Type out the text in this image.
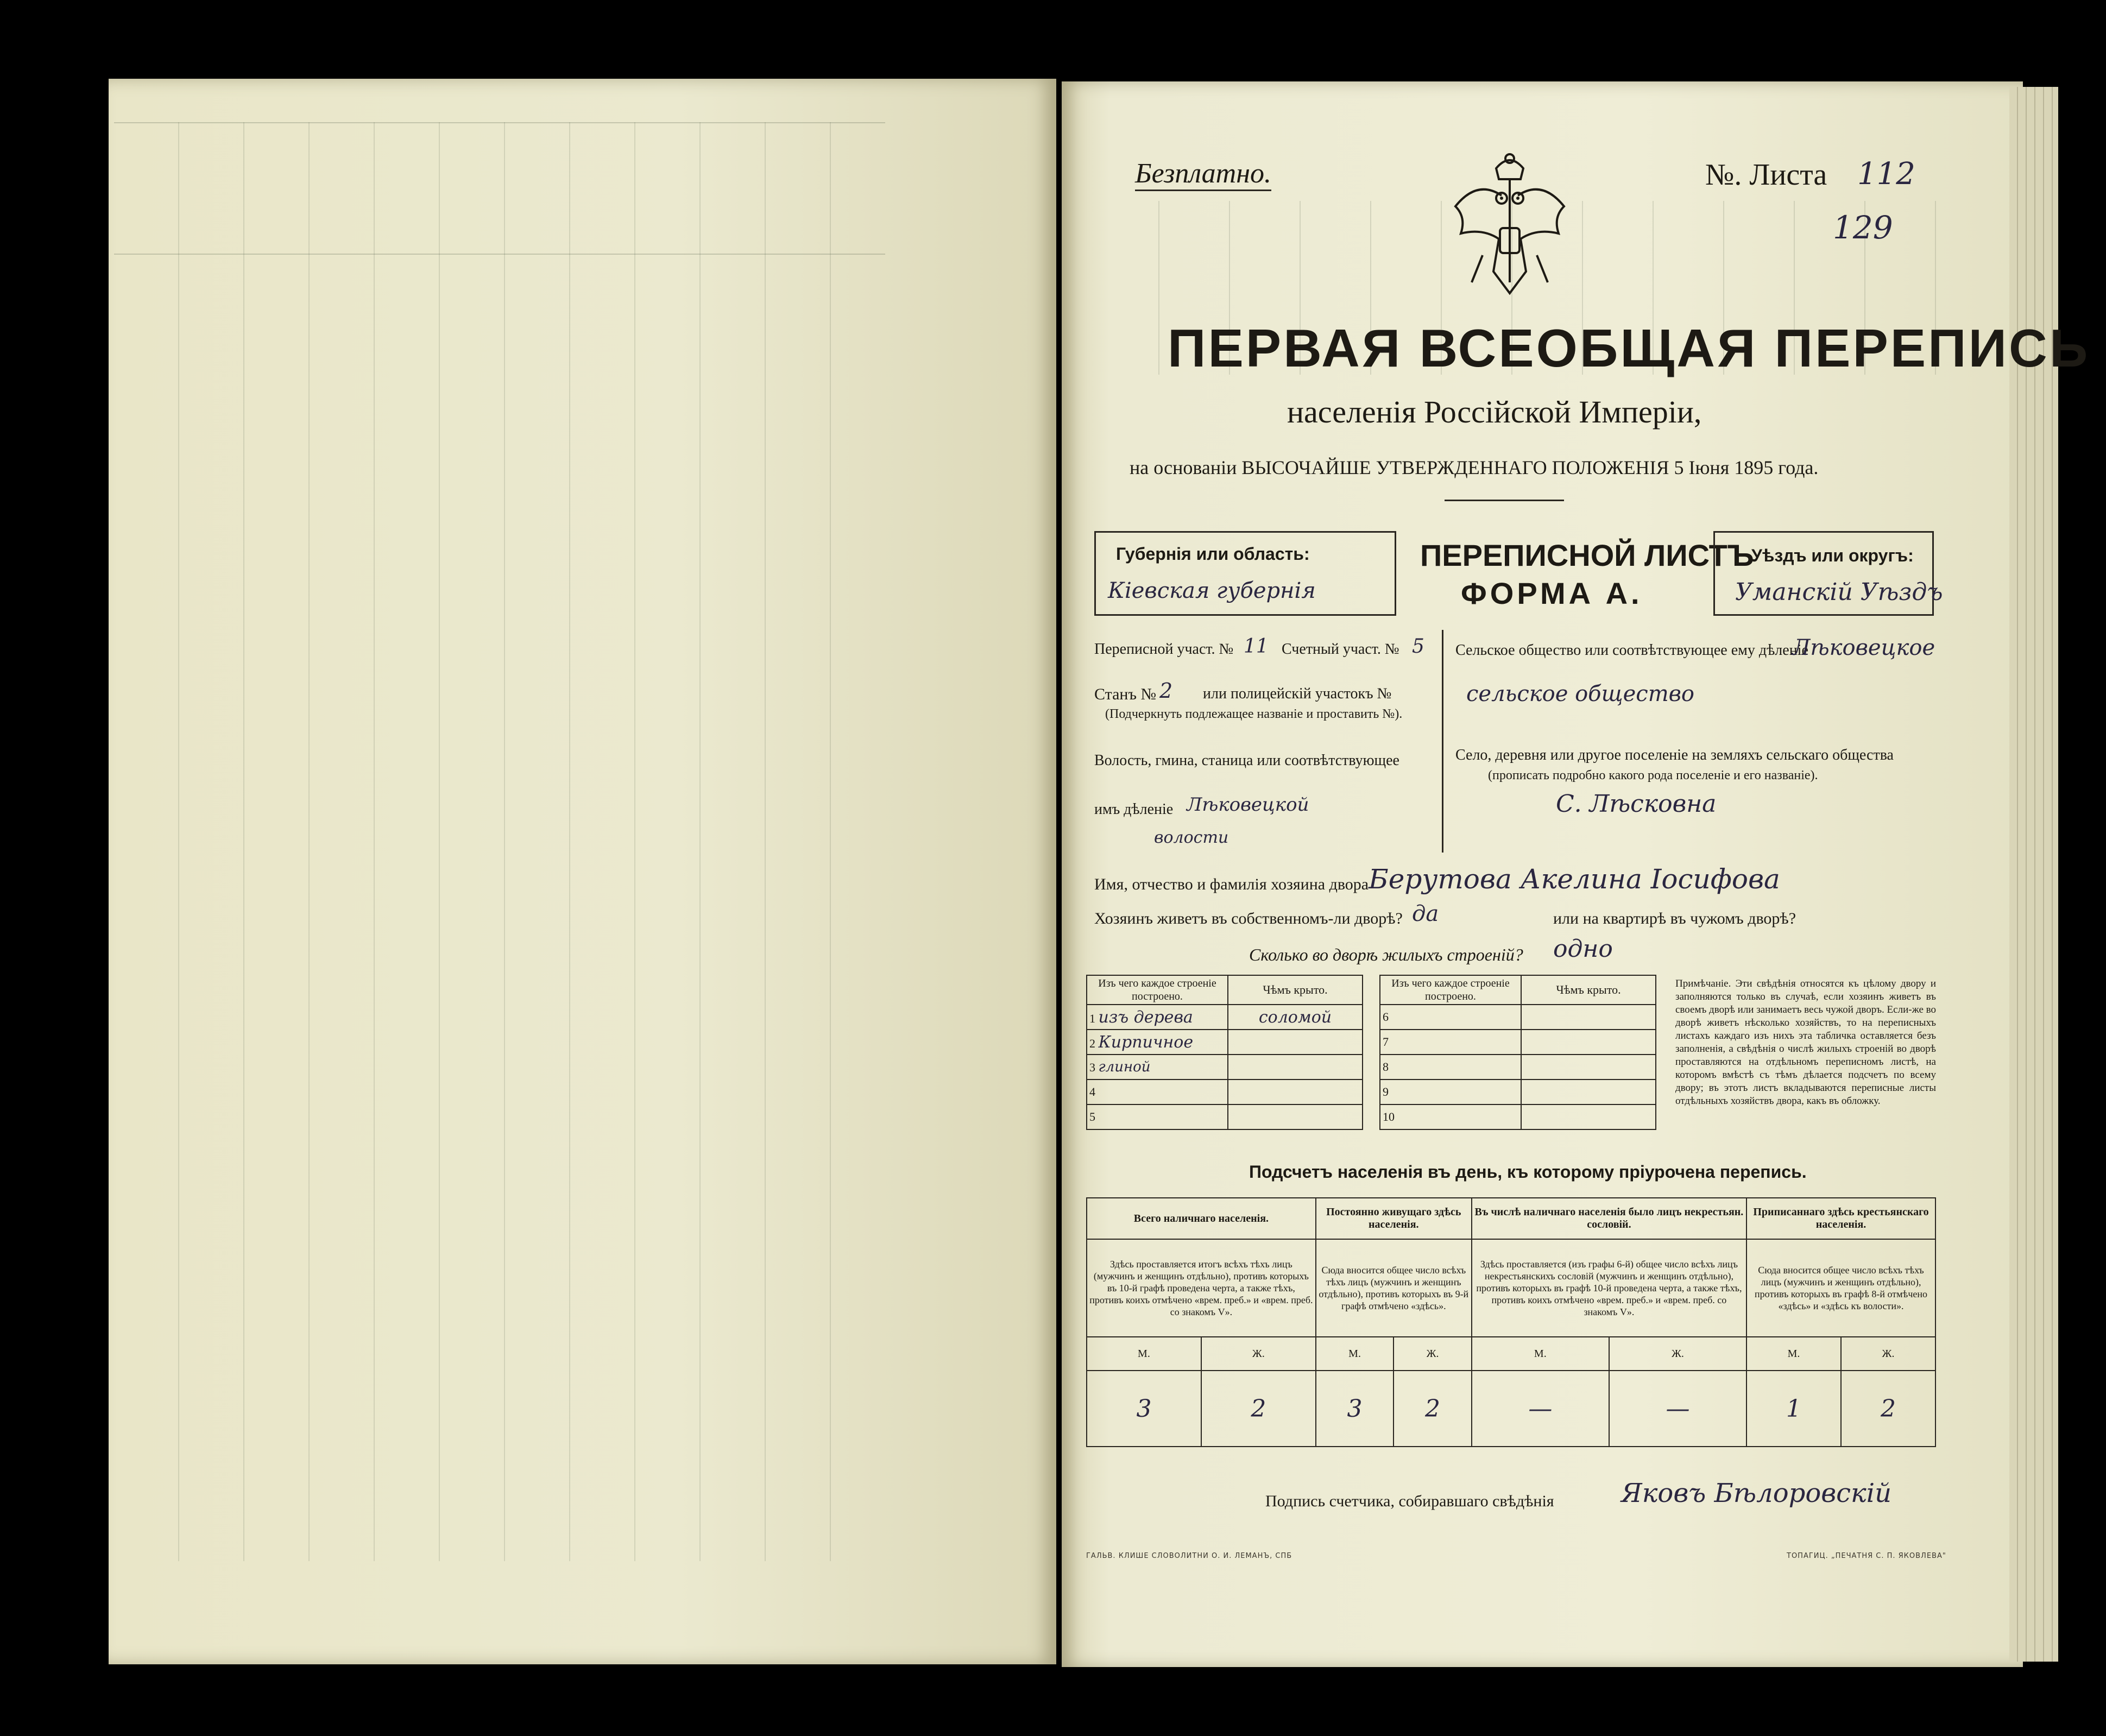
Безплатно.	№. Листа 112
129
ПЕРВАЯ ВСЕОБЩАЯ ПЕРЕПИСЬ
населенія Россійской Имперіи,
на основаніи ВЫСОЧАЙШЕ УТВЕРЖДЕННАГО ПОЛОЖЕНІЯ 5 Іюня 1895 года.
Губернія или область:
Кіевская губернія
ПЕРЕПИСНОЙ ЛИСТЪ
ФОРМА А.
Уѣздъ или округъ:
Уманскій Уѣздъ
Переписной участ. № 11 Счетный участ. № 5
Станъ № 2 или полицейскій участокъ №
(Подчеркнуть подлежащее названіе и проставить №).
Волость, гмина, станица или соотвѣтствующее
имъ дѣленіе Лѣковецкой
волости
Сельское общество или соотвѣтствующее ему дѣленіе
Лѣковецкое
сельское общество
Село, деревня или другое поселеніе на земляхъ сельскаго общества
(прописать подробно какого рода поселеніе и его названіе).
С. Лѣсковна
Имя, отчество и фамилія хозяина двора Берутова Акелина Іосифова
Хозяинъ живетъ въ собственномъ-ли дворѣ? да	или на квартирѣ въ чужомъ дворѣ?
Сколько во дворѣ жилыхъ строеній? одно
Изъ чего каждое строеніе построено.	Чѣмъ крыто.
1 изъ дерева	соломой
2 Кирпичное	
3 глиной	
4	
5	
Изъ чего каждое строеніе построено.	Чѣмъ крыто.
6	
7	
8	
9	
10	
Примѣчаніе. Эти свѣдѣнія относятся къ цѣлому двору и заполняются только въ случаѣ, если хозяинъ живетъ въ своемъ дворѣ или занимаетъ весь чужой дворъ. Если-же во дворѣ живетъ нѣсколько хозяйствъ, то на переписныхъ листахъ каждаго изъ нихъ эта табличка оставляется безъ заполненія, а свѣдѣнія о числѣ жилыхъ строеній во дворѣ проставляются на отдѣльномъ переписномъ листѣ, на которомъ вмѣстѣ съ тѣмъ дѣлается подсчетъ по всему двору; въ этотъ листъ вкладываются переписные листы отдѣльныхъ хозяйствъ двора, какъ въ обложку.
Подсчетъ населенія въ день, къ которому пріурочена перепись.
Всего наличнаго населенія.		Постоянно живущаго здѣсь населенія.		Въ числѣ наличнаго населенія было лицъ некрестьян. сословій.		Приписаннаго здѣсь крестьянскаго населенія.	
Здѣсь проставляется итогъ всѣхъ тѣхъ лицъ (мужчинъ и женщинъ отдѣльно), противъ которыхъ въ 10-й графѣ проведена черта, а также тѣхъ, противъ коихъ отмѣчено «врем. преб.» и «врем. преб. со знакомъ V».		Сюда вносится общее число всѣхъ тѣхъ лицъ (мужчинъ и женщинъ отдѣльно), противъ которыхъ въ 9-й графѣ отмѣчено «здѣсь».		Здѣсь проставляется (изъ графы 6-й) общее число всѣхъ лицъ некрестьянскихъ сословій (мужчинъ и женщинъ отдѣльно), противъ которыхъ въ графѣ 10-й проведена черта, а также тѣхъ, противъ коихъ отмѣчено «врем. преб.» и «врем. преб. со знакомъ V».		Сюда вносится общее число всѣхъ тѣхъ лицъ (мужчинъ и женщинъ отдѣльно), противъ которыхъ въ графѣ 8-й отмѣчено «здѣсь» и «здѣсь къ волости».	
М.	Ж.	М.	Ж.	М.	Ж.	М.	Ж.
3	2	3	2	—	—	1	2
Подпись счетчика, собиравшаго свѣдѣнія	Яковъ Бѣлоровскій
ГАЛЬВ. КЛИШЕ СЛОВОЛИТНИ О. И. ЛЕМАНЪ, СПБ	ТОПАГИЦ. „ПЕЧАТНЯ С. П. ЯКОВЛЕВА"
